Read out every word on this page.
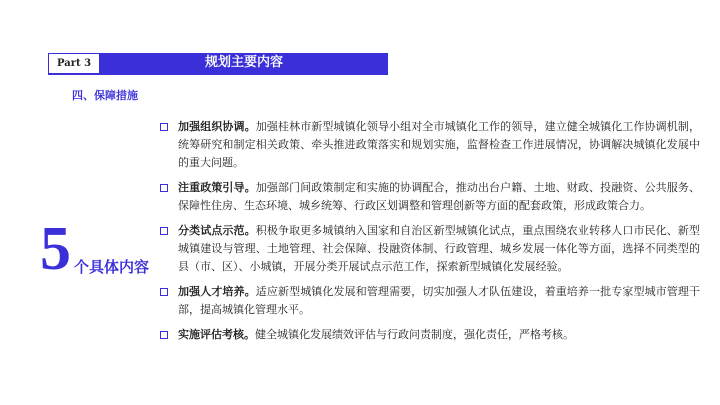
Part 3	规划主要内容
四、保障措施
5 个具体内容
加强组织协调。加强桂林市新型城镇化领导小组对全市城镇化工作的领导，建立健全城镇化工作协调机制，统筹研究和制定相关政策、牵头推进政策落实和规划实施，监督检查工作进展情况，协调解决城镇化发展中的重大问题。
注重政策引导。加强部门间政策制定和实施的协调配合，推动出台户籍、土地、财政、投融资、公共服务、保障性住房、生态环境、城乡统筹、行政区划调整和管理创新等方面的配套政策，形成政策合力。
分类试点示范。积极争取更多城镇纳入国家和自治区新型城镇化试点，重点围绕农业转移人口市民化、新型城镇建设与管理、土地管理、社会保障、投融资体制、行政管理、城乡发展一体化等方面，选择不同类型的县（市、区）、小城镇，开展分类开展试点示范工作，探索新型城镇化发展经验。
加强人才培养。适应新型城镇化发展和管理需要，切实加强人才队伍建设，着重培养一批专家型城市管理干部，提高城镇化管理水平。
实施评估考核。健全城镇化发展绩效评估与行政问责制度，强化责任，严格考核。
